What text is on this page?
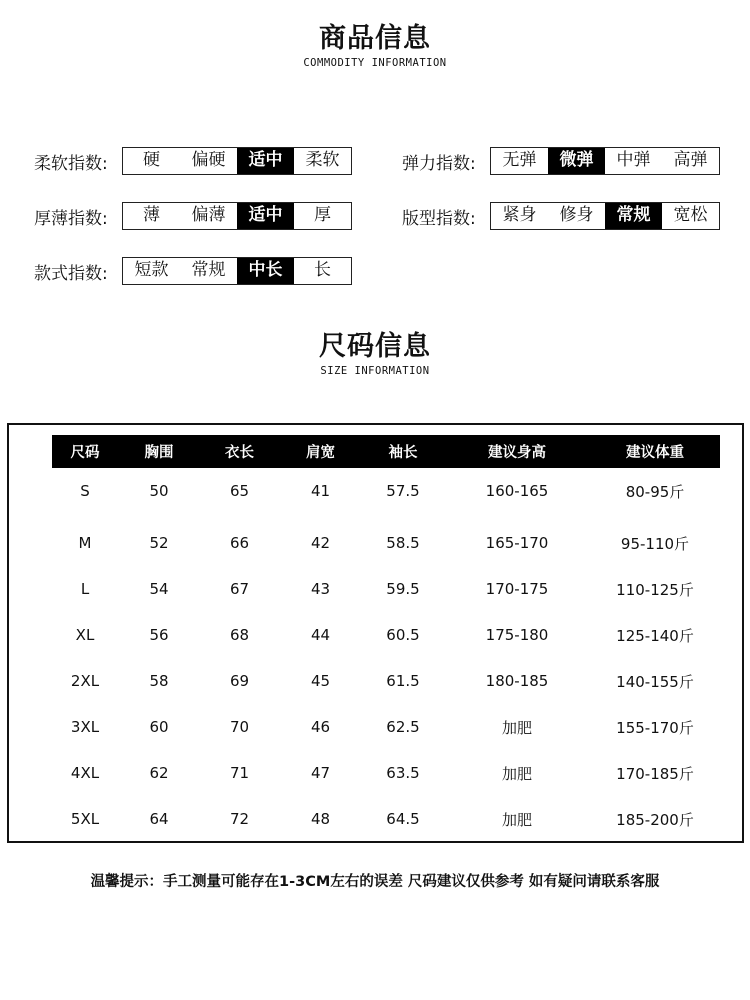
商品信息
COMMODITY INFORMATION
柔软指数:	硬	偏硬	适中	柔软	弹力指数:	无弹	微弹	中弹	高弹
厚薄指数:	薄	偏薄	适中	厚	版型指数:	紧身	修身	常规	宽松
款式指数:	短款	常规	中长	长
尺码信息
SIZE INFORMATION
尺码	胸围	衣长	肩宽	袖长	建议身高	建议体重
S	50	65	41	57.5	160-165	80-95斤
M	52	66	42	58.5	165-170	95-110斤
L	54	67	43	59.5	170-175	110-125斤
XL	56	68	44	60.5	175-180	125-140斤
2XL	58	69	45	61.5	180-185	140-155斤
3XL	60	70	46	62.5	加肥	155-170斤
4XL	62	71	47	63.5	加肥	170-185斤
5XL	64	72	48	64.5	加肥	185-200斤
温馨提示：手工测量可能存在1-3CM左右的误差 尺码建议仅供参考 如有疑问请联系客服
